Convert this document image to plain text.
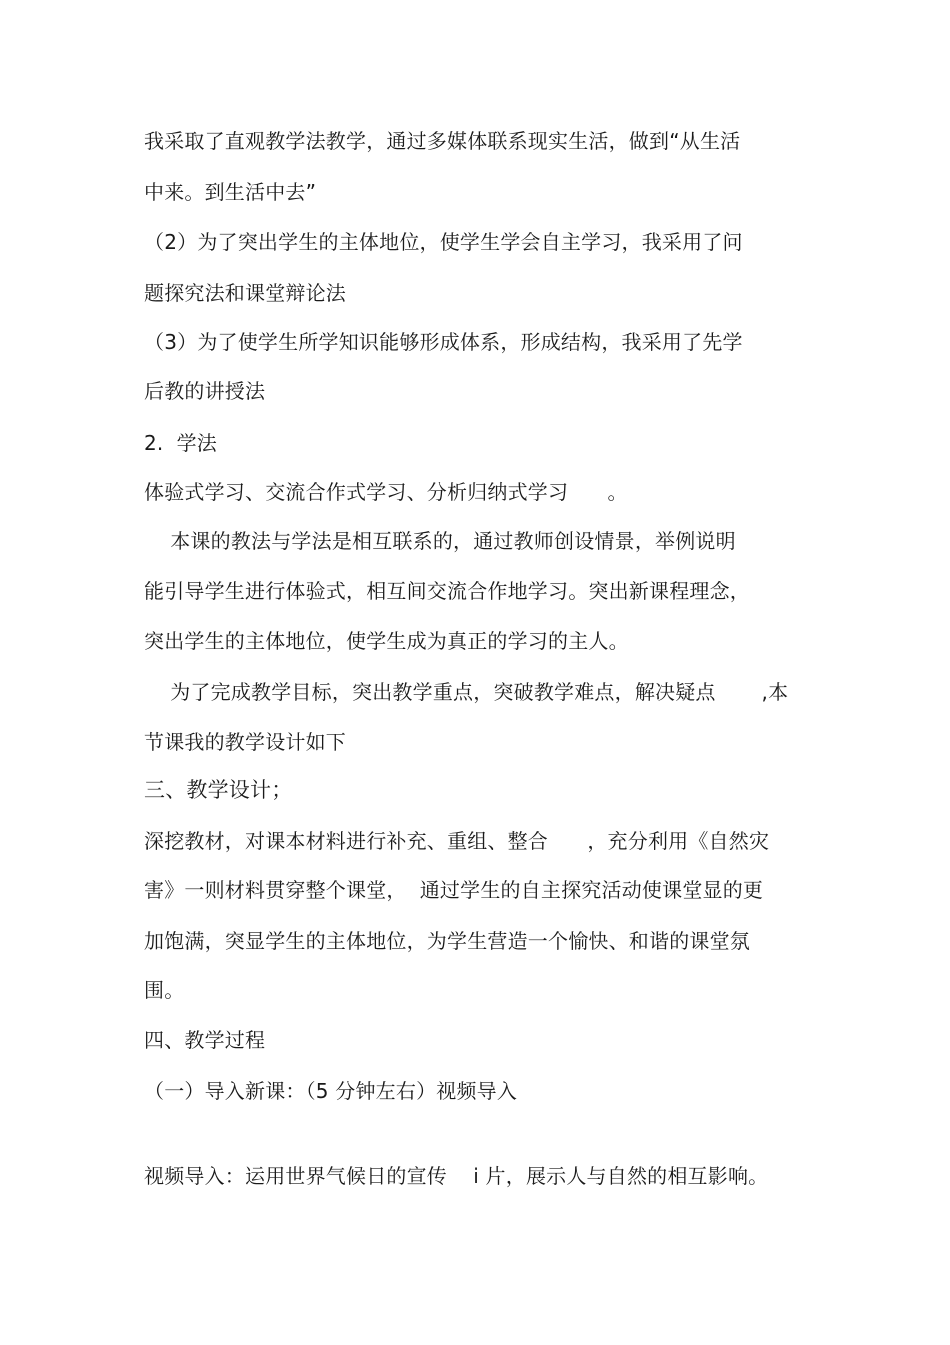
我采取了直观教学法教学，通过多媒体联系现实生活，做到“从生活
中来。到生活中去”
（2）为了突出学生的主体地位，使学生学会自主学习，我采用了问
题探究法和课堂辩论法
（3）为了使学生所学知识能够形成体系，形成结构，我采用了先学
后教的讲授法
2.  学法
体验式学习、交流合作式学习、分析归纳式学习      。
本课的教法与学法是相互联系的，通过教师创设情景，举例说明
能引导学生进行体验式，相互间交流合作地学习。突出新课程理念，
突出学生的主体地位，使学生成为真正的学习的主人。
为了完成教学目标，突出教学重点，突破教学难点，解决疑点       ,本
节课我的教学设计如下
三、教学设计；
深挖教材，对课本材料进行补充、重组、整合      ，充分利用《自然灾
害》一则材料贯穿整个课堂，  通过学生的自主探究活动使课堂显的更
加饱满，突显学生的主体地位，为学生营造一个愉快、和谐的课堂氛
围。
四、教学过程
（一）导入新课：（5 分钟左右）视频导入
视频导入：运用世界气候日的宣传    i 片，展示人与自然的相互影响。
